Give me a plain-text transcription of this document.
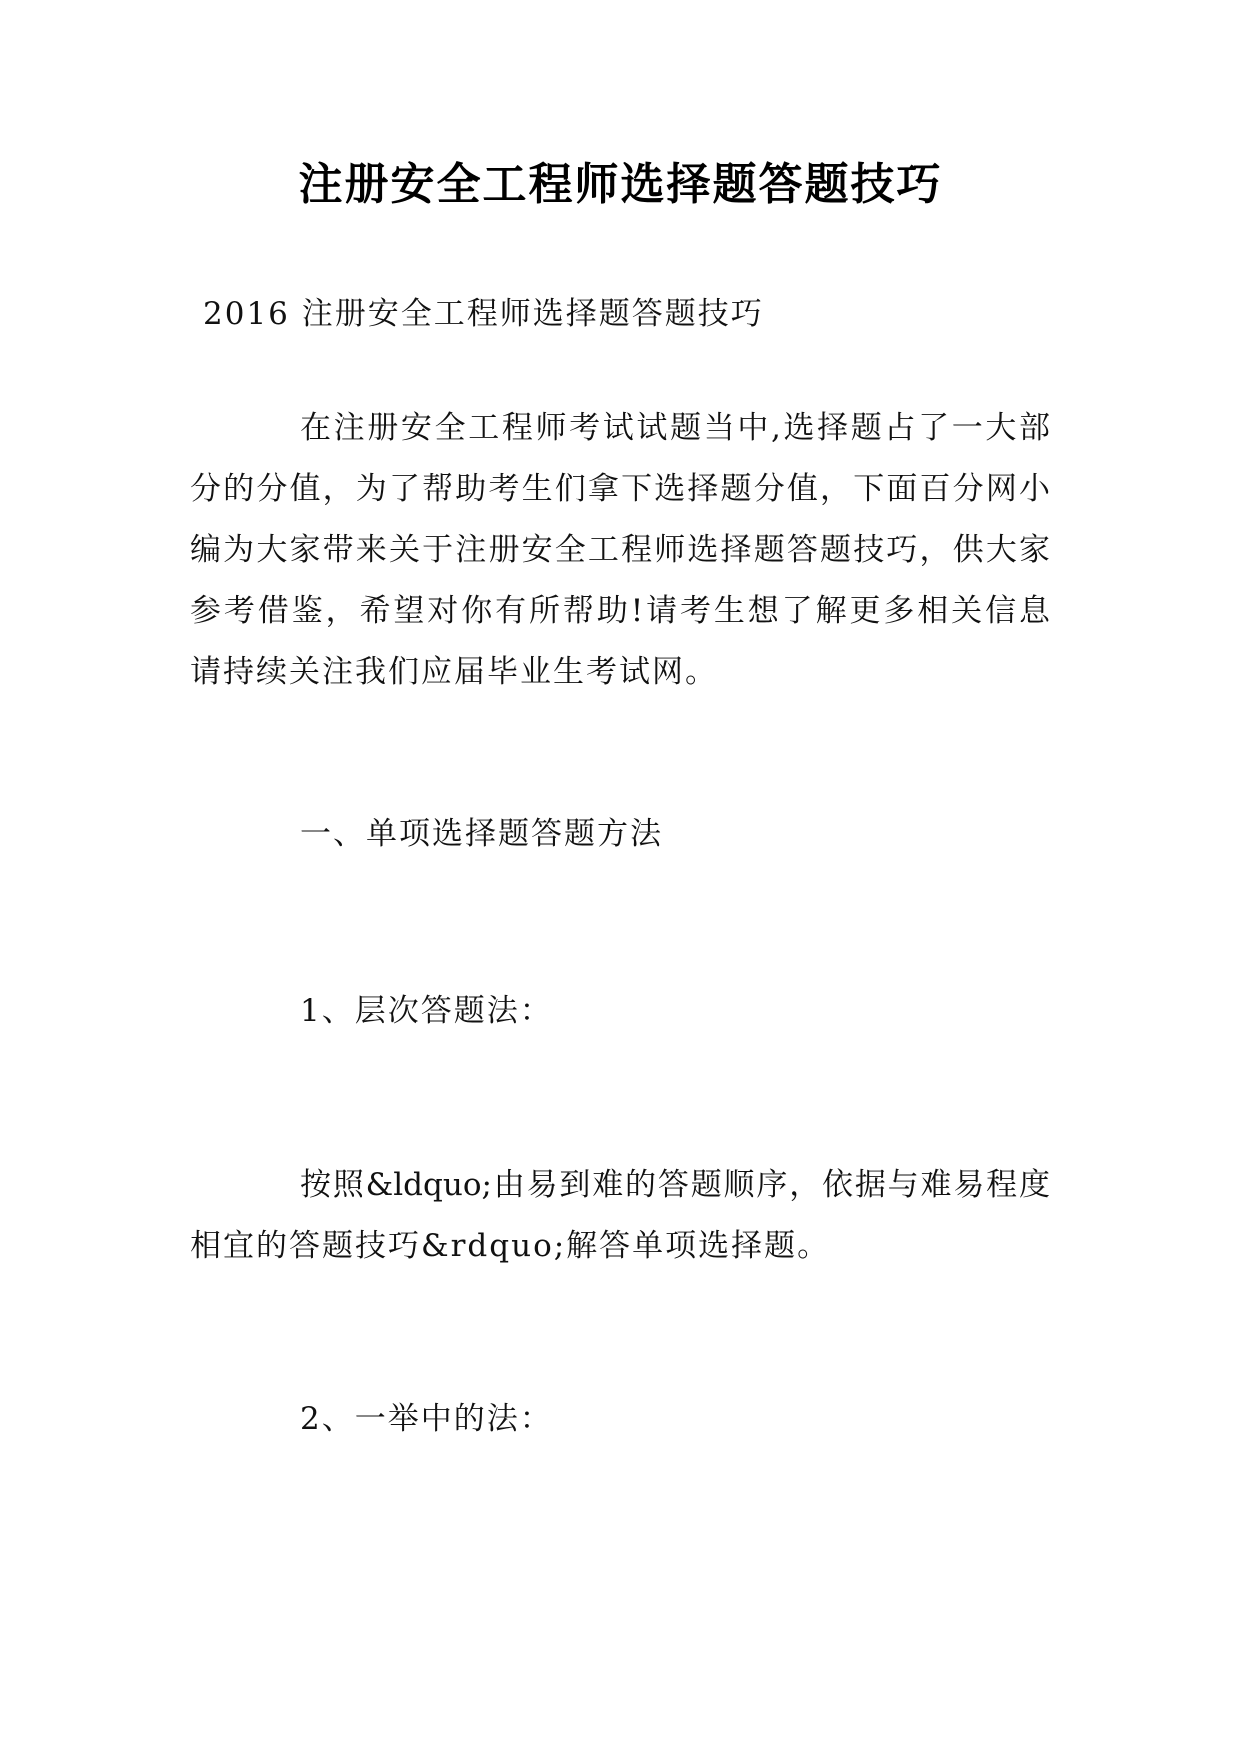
注册安全工程师选择题答题技巧
2016 注册安全工程师选择题答题技巧
在注册安全工程师考试试题当中,选择题占了一大部
分的分值，为了帮助考生们拿下选择题分值，下面百分网小
编为大家带来关于注册安全工程师选择题答题技巧，供大家
参考借鉴，希望对你有所帮助!请考生想了解更多相关信息
请持续关注我们应届毕业生考试网。
一、单项选择题答题方法
1、层次答题法：
按照&ldquo;由易到难的答题顺序，依据与难易程度
相宜的答题技巧&rdquo;解答单项选择题。
2、一举中的法：
